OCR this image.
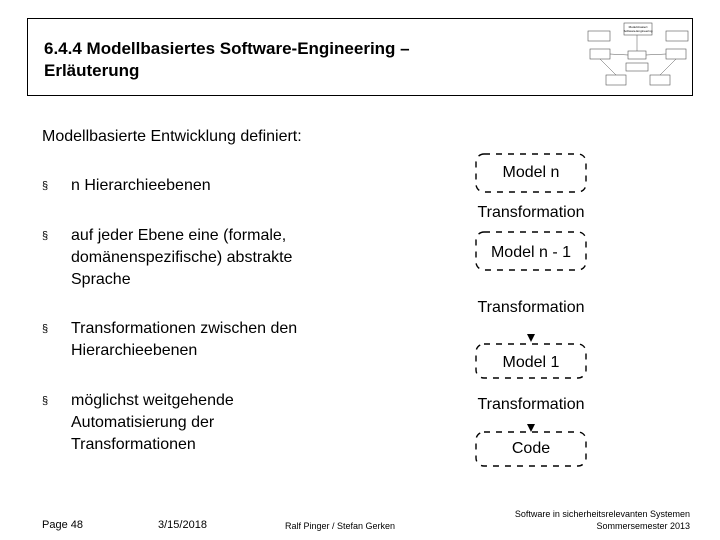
6.4.4 Modellbasiertes Software-Engineering –
Erläuterung
Modell-basiert
Software-Engineering
Modellbasierte Entwicklung definiert:
§ n Hierarchieebenen
§ auf jeder Ebene eine (formale,
domänenspezifische) abstrakte
Sprache
§ Transformationen zwischen den
Hierarchieebenen
§ möglichst weitgehende
Automatisierung der
Transformationen
Model n
Transformation
Model n - 1
Transformation
Model 1
Transformation
Code
Page 48	3/15/2018	Ralf Pinger / Stefan Gerken
Software in sicherheitsrelevanten Systemen
Sommersemester 2013
